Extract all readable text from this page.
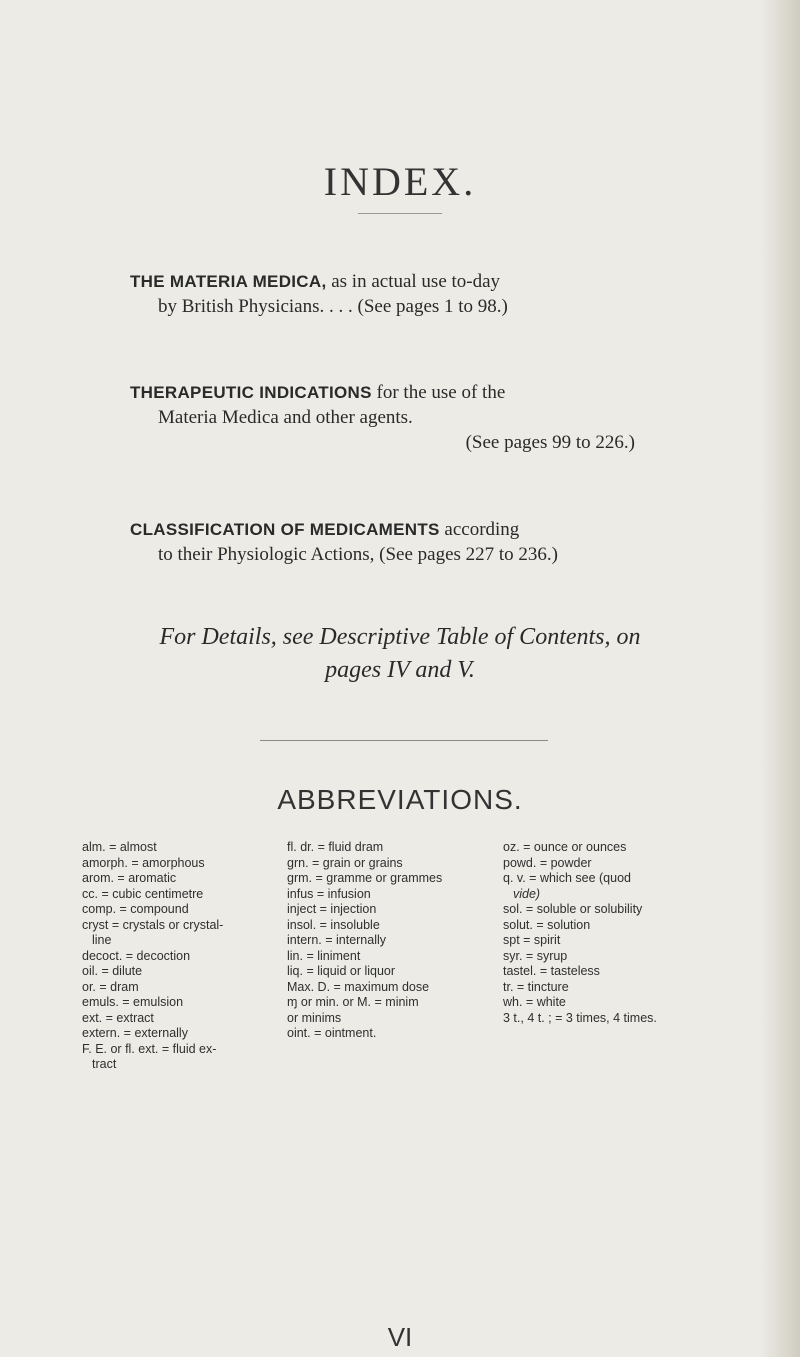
INDEX.
THE MATERIA MEDICA, as in actual use to-day
by British Physicians. . . . (See pages 1 to 98.)
THERAPEUTIC INDICATIONS for the use of the
Materia Medica and other agents.
(See pages 99 to 226.)
CLASSIFICATION OF MEDICAMENTS according
to their Physiologic Actions, (See pages 227 to 236.)
For Details, see Descriptive Table of Contents, on
pages IV and V.
ABBREVIATIONS.
alm. = almost
amorph. = amorphous
arom. = aromatic
cc. = cubic centimetre
comp. = compound
cryst = crystals or crystal-
line
decoct. = decoction
oil. = dilute
or. = dram
emuls. = emulsion
ext. = extract
extern. = externally
F. E. or fl. ext. = fluid ex-
tract
fl. dr. = fluid dram
grn. = grain or grains
grm. = gramme or grammes
infus = infusion
inject = injection
insol. = insoluble
intern. = internally
lin. = liniment
liq. = liquid or liquor
Max. D. = maximum dose
ɱ or min. or M. = minim
or minims
oint. = ointment.
oz. = ounce or ounces
powd. = powder
q. v. = which see (quod
vide)
sol. = soluble or solubility
solut. = solution
spt = spirit
syr. = syrup
tastel. = tasteless
tr. = tincture
wh. = white
3 t., 4 t. ; = 3 times, 4 times.
VI
